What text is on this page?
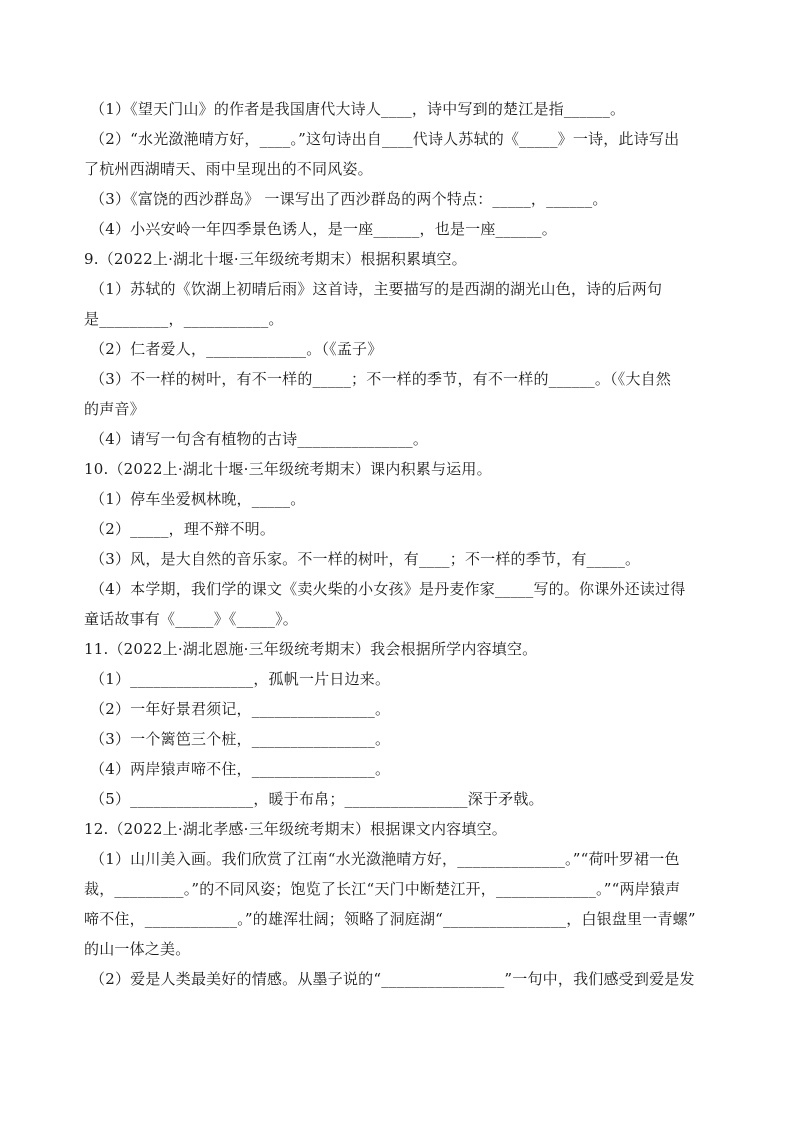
（1）《望天门山》的作者是我国唐代大诗人____，诗中写到的楚江是指______。
（2）“水光潋滟晴方好，____。”这句诗出自____代诗人苏轼的《_____》一诗，此诗写出
了杭州西湖晴天、雨中呈现出的不同风姿。
（3）《富饶的西沙群岛》 一课写出了西沙群岛的两个特点：_____，______。
（4）小兴安岭一年四季景色诱人，是一座______，也是一座______。
9.（2022上·湖北十堰·三年级统考期末）根据积累填空。
（1）苏轼的《饮湖上初晴后雨》这首诗，主要描写的是西湖的湖光山色，诗的后两句
是_________，___________。
（2）仁者爱人，_____________。（《孟子》
（3）不一样的树叶，有不一样的_____；不一样的季节，有不一样的______。（《大自然
的声音》
（4）请写一句含有植物的古诗_______________。
10.（2022上·湖北十堰·三年级统考期末）课内积累与运用。
（1）停车坐爱枫林晚，_____。
（2）_____，理不辩不明。
（3）风，是大自然的音乐家。不一样的树叶，有____；不一样的季节，有_____。
（4）本学期，我们学的课文《卖火柴的小女孩》是丹麦作家_____写的。你课外还读过得
童话故事有《_____》《_____》。
11.（2022上·湖北恩施·三年级统考期末）我会根据所学内容填空。
（1）________________，孤帆一片日边来。
（2）一年好景君须记，________________。
（3）一个篱笆三个桩，________________。
（4）两岸猿声啼不住，________________。
（5）________________，暖于布帛；________________深于矛戟。
12.（2022上·湖北孝感·三年级统考期末）根据课文内容填空。
（1）山川美入画。我们欣赏了江南“水光潋滟晴方好，______________。”“荷叶罗裙一色
裁，_________。”的不同风姿；饱览了长江“天门中断楚江开，_____________。”“两岸猿声
啼不住，____________。”的雄浑壮阔；领略了洞庭湖“________________，白银盘里一青螺”
的山一体之美。
（2）爱是人类最美好的情感。从墨子说的“________________”一句中，我们感受到爱是发
